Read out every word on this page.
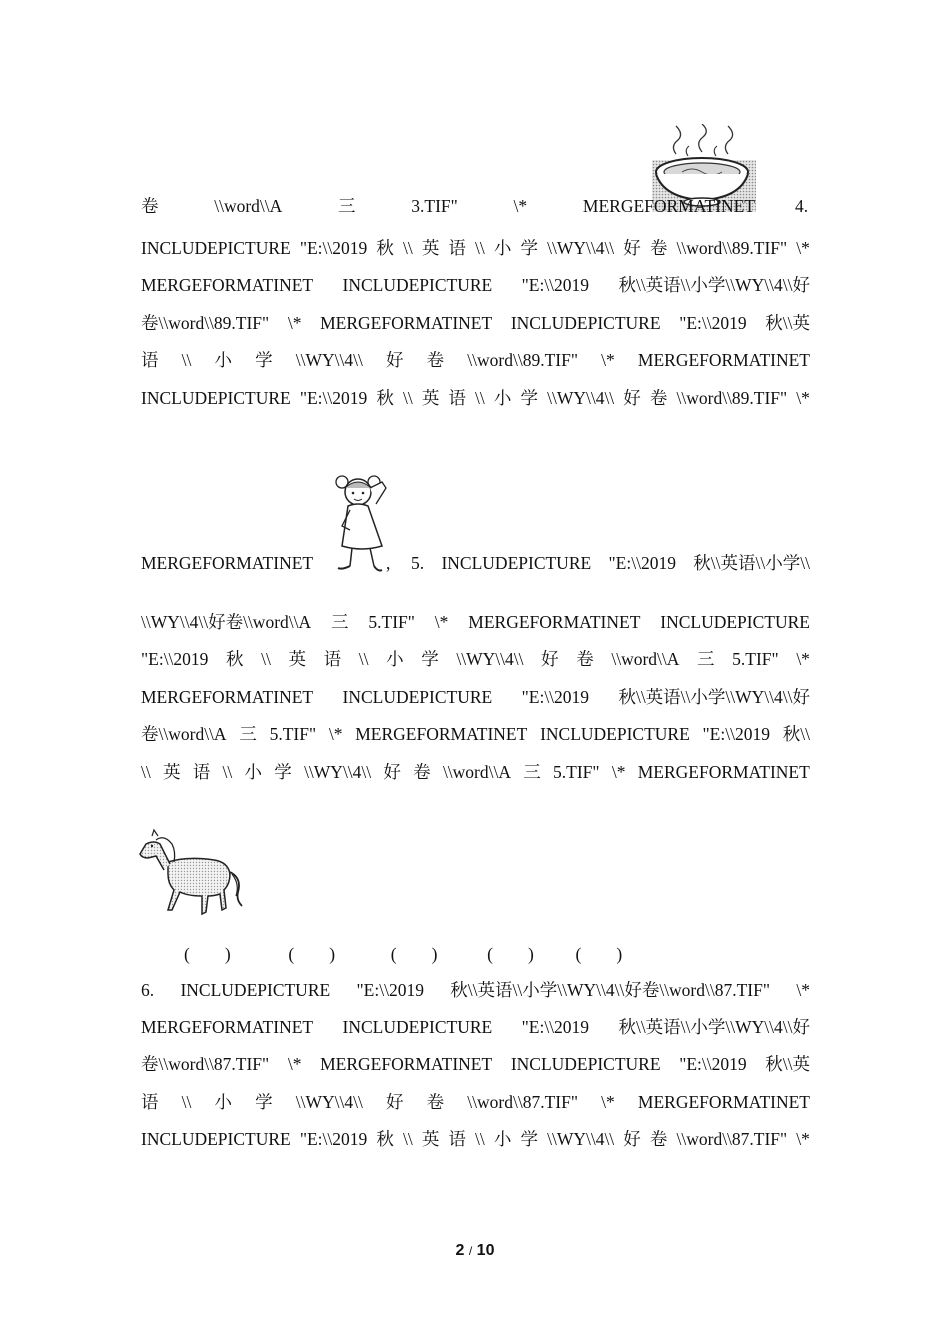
卷	\\word\\A	三	3.TIF"	\*	MERGEFORMATINET 4.
INCLUDEPICTURE "E:\\2019 秋 \\ 英 语 \\ 小 学 \\WY\\4\\ 好 卷 \\word\\89.TIF" \*
MERGEFORMATINET INCLUDEPICTURE "E:\\2019 秋\\英语\\小学\\WY\\4\\好
卷\\word\\89.TIF" \* MERGEFORMATINET INCLUDEPICTURE "E:\\2019 秋\\英
语 \\ 小 学 \\WY\\4\\ 好 卷 \\word\\89.TIF" \* MERGEFORMATINET
INCLUDEPICTURE "E:\\2019 秋 \\ 英 语 \\ 小 学 \\WY\\4\\ 好 卷 \\word\\89.TIF" \*
MERGEFORMATINET	, 5. INCLUDEPICTURE "E:\\2019 秋\\英语\\小学\\
\\WY\\4\\好卷\\word\\A 三 5.TIF" \* MERGEFORMATINET INCLUDEPICTURE
"E:\\2019 秋 \\ 英 语 \\ 小 学 \\WY\\4\\ 好 卷 \\word\\A 三 5.TIF" \*
MERGEFORMATINET INCLUDEPICTURE "E:\\2019 秋\\英语\\小学\\WY\\4\\好
卷\\word\\A 三 5.TIF" \* MERGEFORMATINET INCLUDEPICTURE "E:\\2019 秋\\
\\ 英 语 \\ 小 学 \\WY\\4\\ 好 卷 \\word\\A 三 5.TIF" \* MERGEFORMATINET
(　　)	(　　)	(　　)	(　　) (　　)
6. INCLUDEPICTURE "E:\\2019 秋\\英语\\小学\\WY\\4\\好卷\\word\\87.TIF" \*
MERGEFORMATINET INCLUDEPICTURE "E:\\2019 秋\\英语\\小学\\WY\\4\\好
卷\\word\\87.TIF" \* MERGEFORMATINET INCLUDEPICTURE "E:\\2019 秋\\英
语 \\ 小 学 \\WY\\4\\ 好 卷 \\word\\87.TIF" \* MERGEFORMATINET
INCLUDEPICTURE "E:\\2019 秋 \\ 英 语 \\ 小 学 \\WY\\4\\ 好 卷 \\word\\87.TIF" \*
2 / 10
